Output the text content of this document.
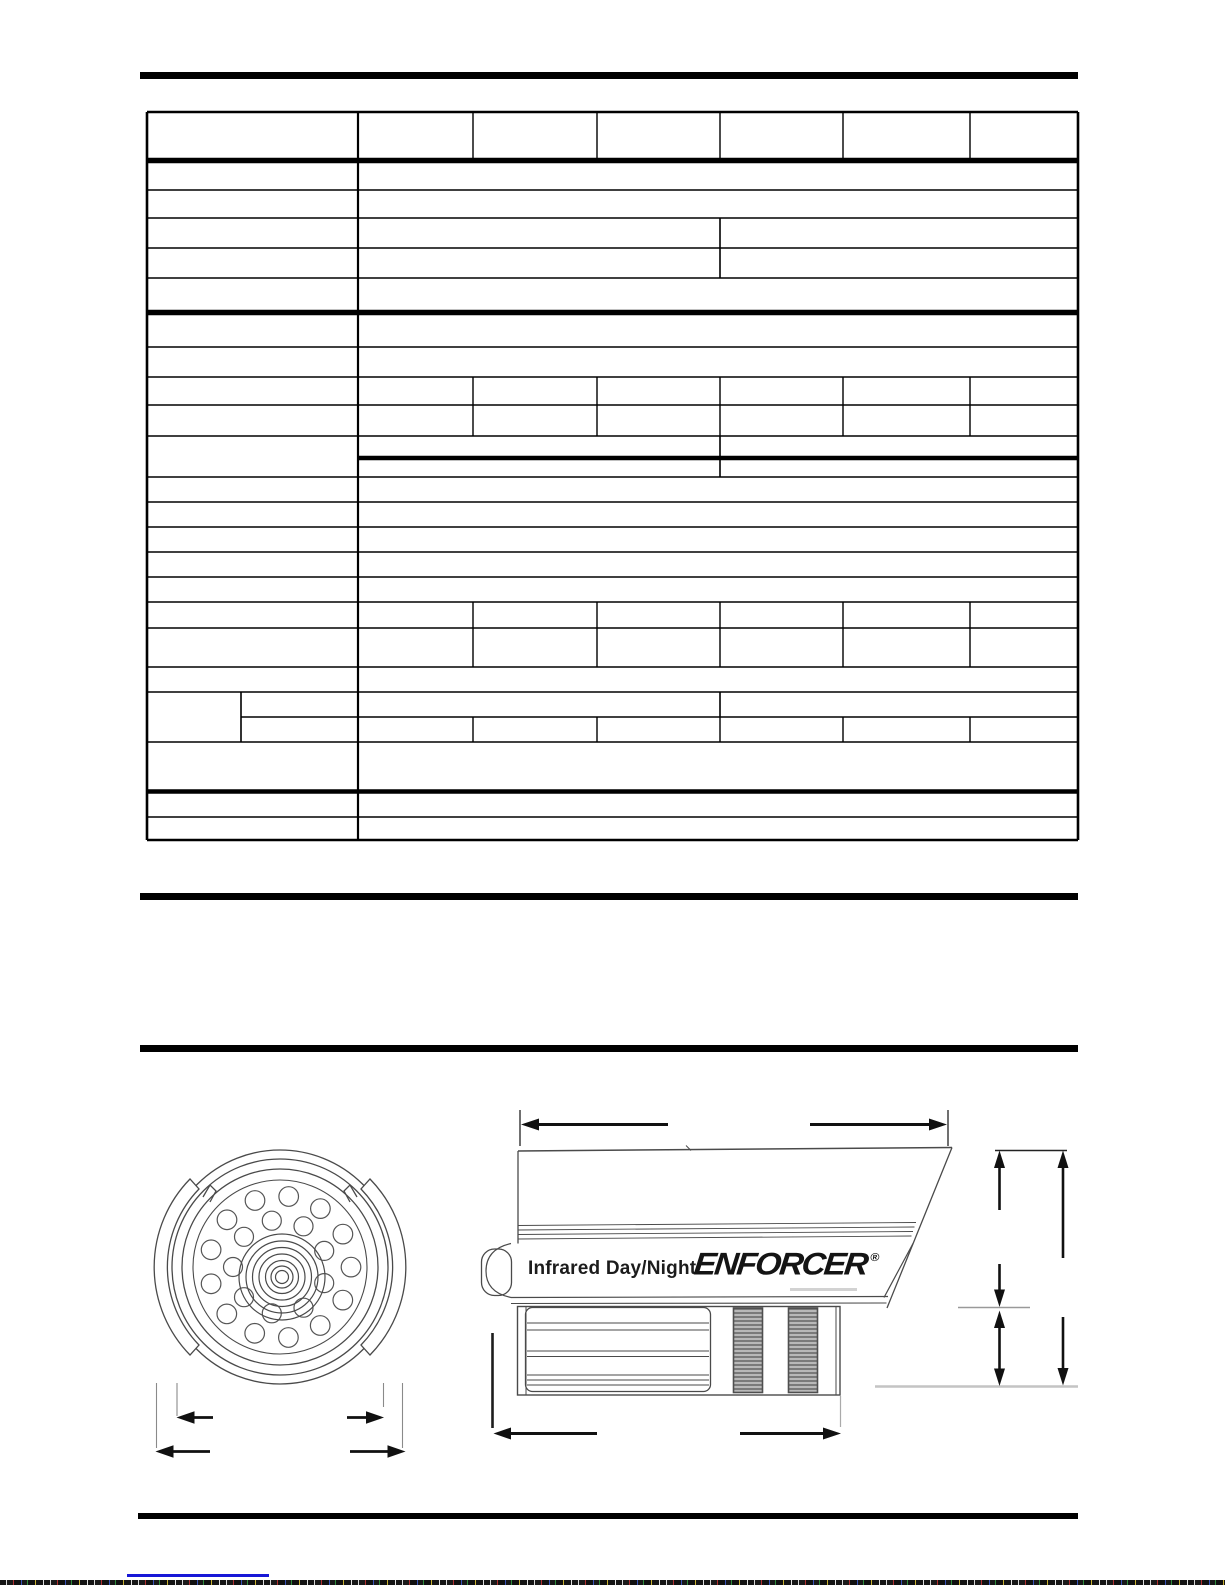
Infrared Day/Night
ENFORCER®
